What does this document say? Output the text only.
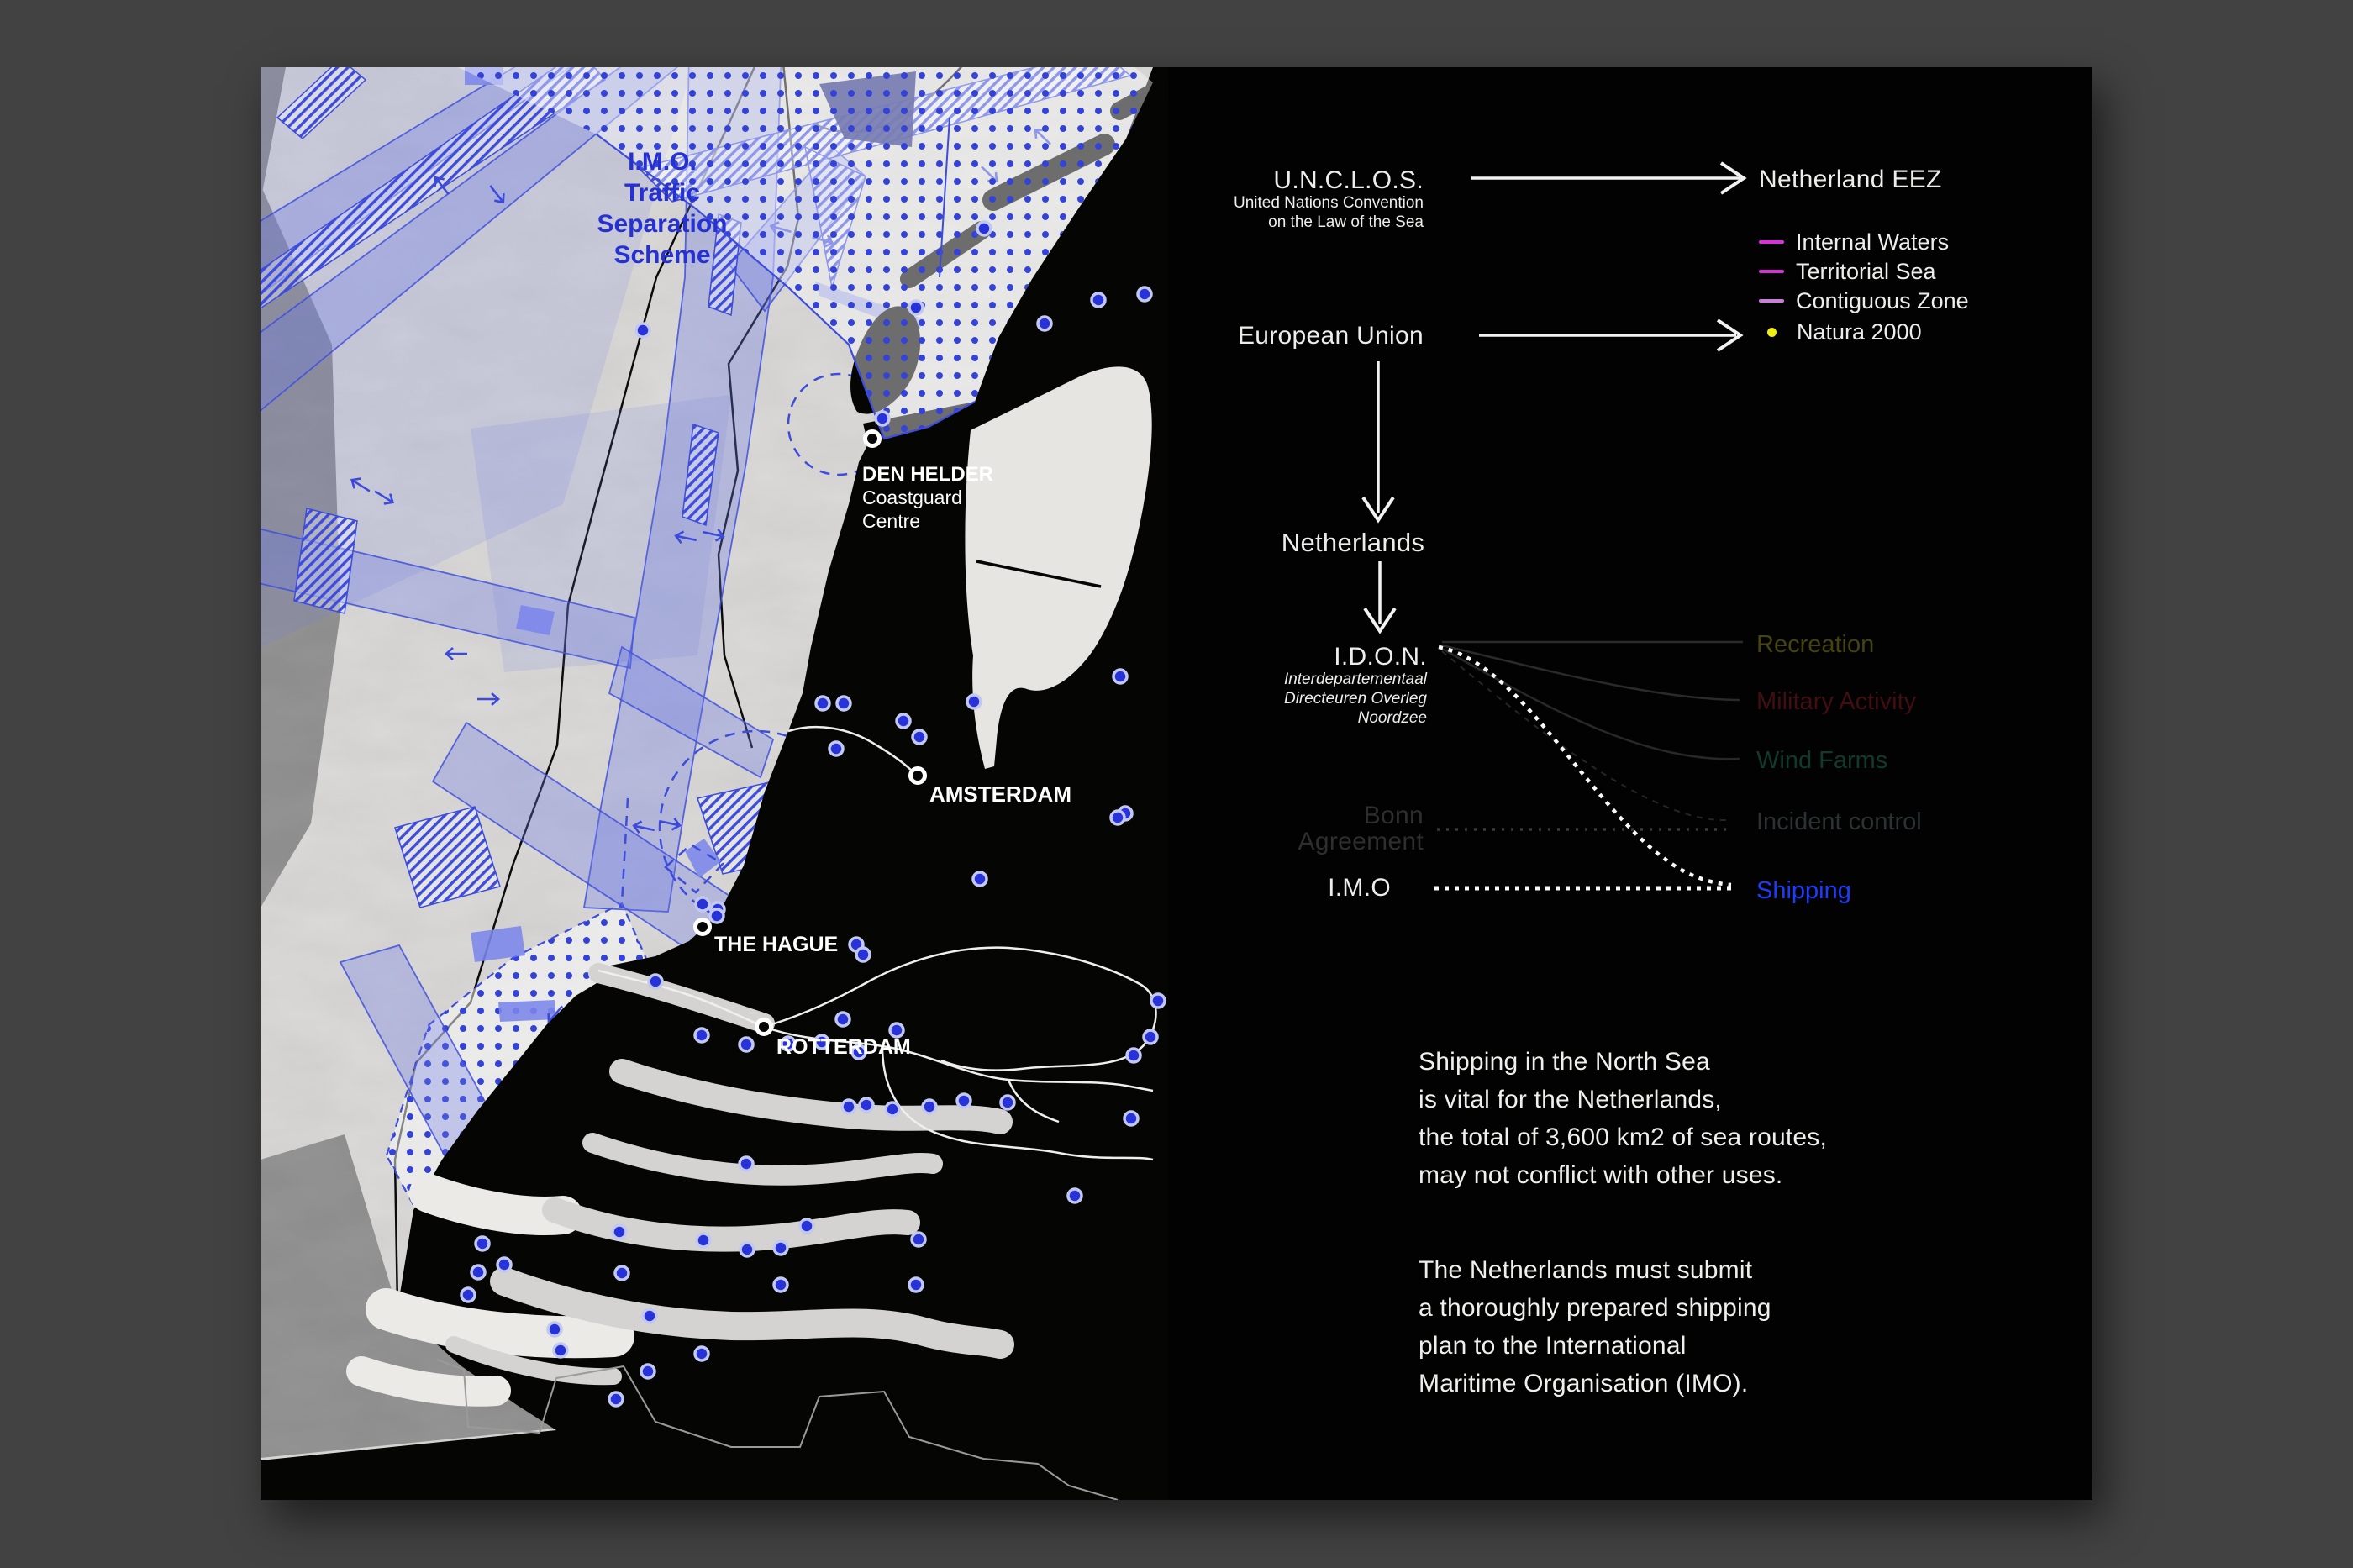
I.M.O.
Traffic
Separation
Scheme
DEN HELDER
Coastguard
Centre
AMSTERDAM
THE HAGUE
ROTTERDAM
U.N.C.L.O.S.
United Nations Convention
on the Law of the Sea
Netherland EEZ
Internal Waters
Territorial Sea
Contiguous Zone
Natura 2000
European Union
Netherlands
I.D.O.N.
Interdepartementaal
Directeuren Overleg
Noordzee
Bonn
Agreement
I.M.O
Recreation
Military Activity
Wind Farms
Incident control
Shipping
Shipping in the North Sea
is vital for the Netherlands,
the total of 3,600 km2 of sea routes,
may not conflict with other uses.
The Netherlands must submit
a thoroughly prepared shipping
plan to the International
Maritime Organisation (IMO).
